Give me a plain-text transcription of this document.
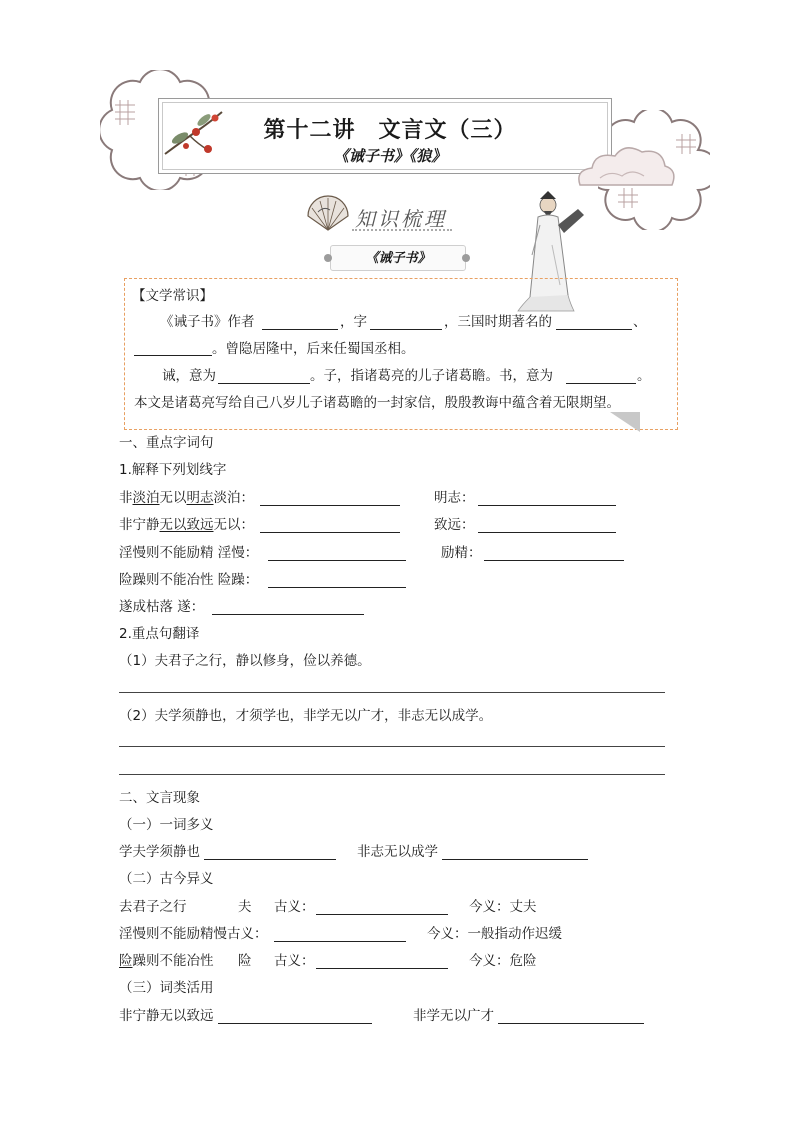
第十二讲　文言文（三）
《诫子书》《狼》
知识梳理
《诫子书》
【文学常识】
《诫子书》作者	，字	，三国时期著名的	、
。曾隐居隆中，后来任蜀国丞相。
诫，意为	。子，指诸葛亮的儿子诸葛瞻。书，意为	。
本文是诸葛亮写给自己八岁儿子诸葛瞻的一封家信，殷殷教诲中蕴含着无限期望。
一、重点字词句
1.解释下列划线字
非淡泊无以明志淡泊：	明志：
非宁静无以致远无以：	致远：
淫慢则不能励精 淫慢：	励精：
险躁则不能冶性 险躁：
遂成枯落 遂：
2.重点句翻译
（1）夫君子之行，静以修身，俭以养德。
（2）夫学须静也，才须学也，非学无以广才，非志无以成学。
二、文言现象
（一）一词多义
学夫学须静也	非志无以成学
（二）古今异义
去君子之行	夫 古义：	今义：丈夫
淫慢则不能励精慢古义：	今义：一般指动作迟缓
险躁则不能冶性 险 古义：	今义：危险
（三）词类活用
非宁静无以致远	非学无以广才
